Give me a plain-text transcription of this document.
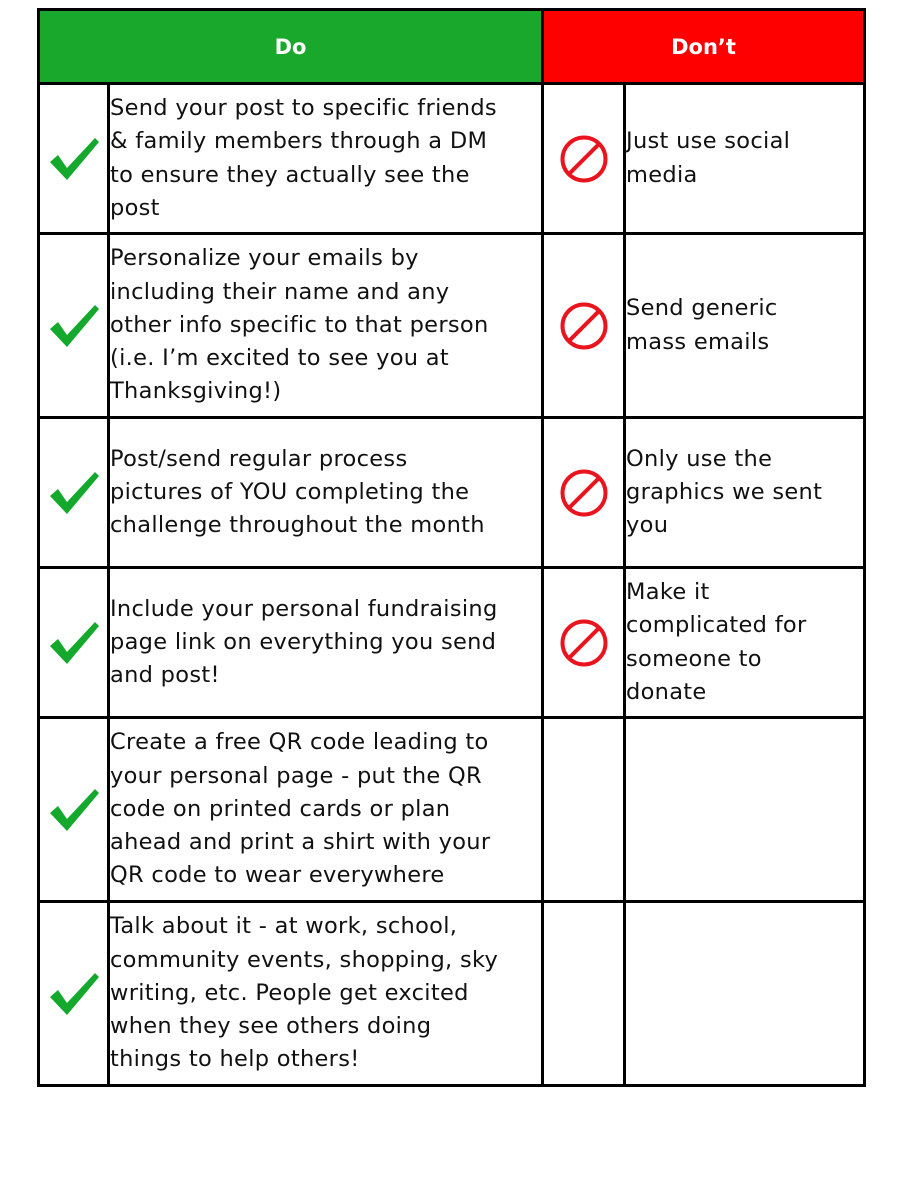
Do		Don’t	
	Send your post to specific friends
& family members through a DM
to ensure they actually see the
post		Just use social
media
	Personalize your emails by
including their name and any
other info specific to that person
(i.e. I’m excited to see you at
Thanksgiving!)		Send generic
mass emails
	Post/send regular process
pictures of YOU completing the
challenge throughout the month		Only use the
graphics we sent
you
	Include your personal fundraising
page link on everything you send
and post!		Make it
complicated for
someone to
donate
	Create a free QR code leading to
your personal page - put the QR
code on printed cards or plan
ahead and print a shirt with your
QR code to wear everywhere		
	Talk about it - at work, school,
community events, shopping, sky
writing, etc. People get excited
when they see others doing
things to help others!		
